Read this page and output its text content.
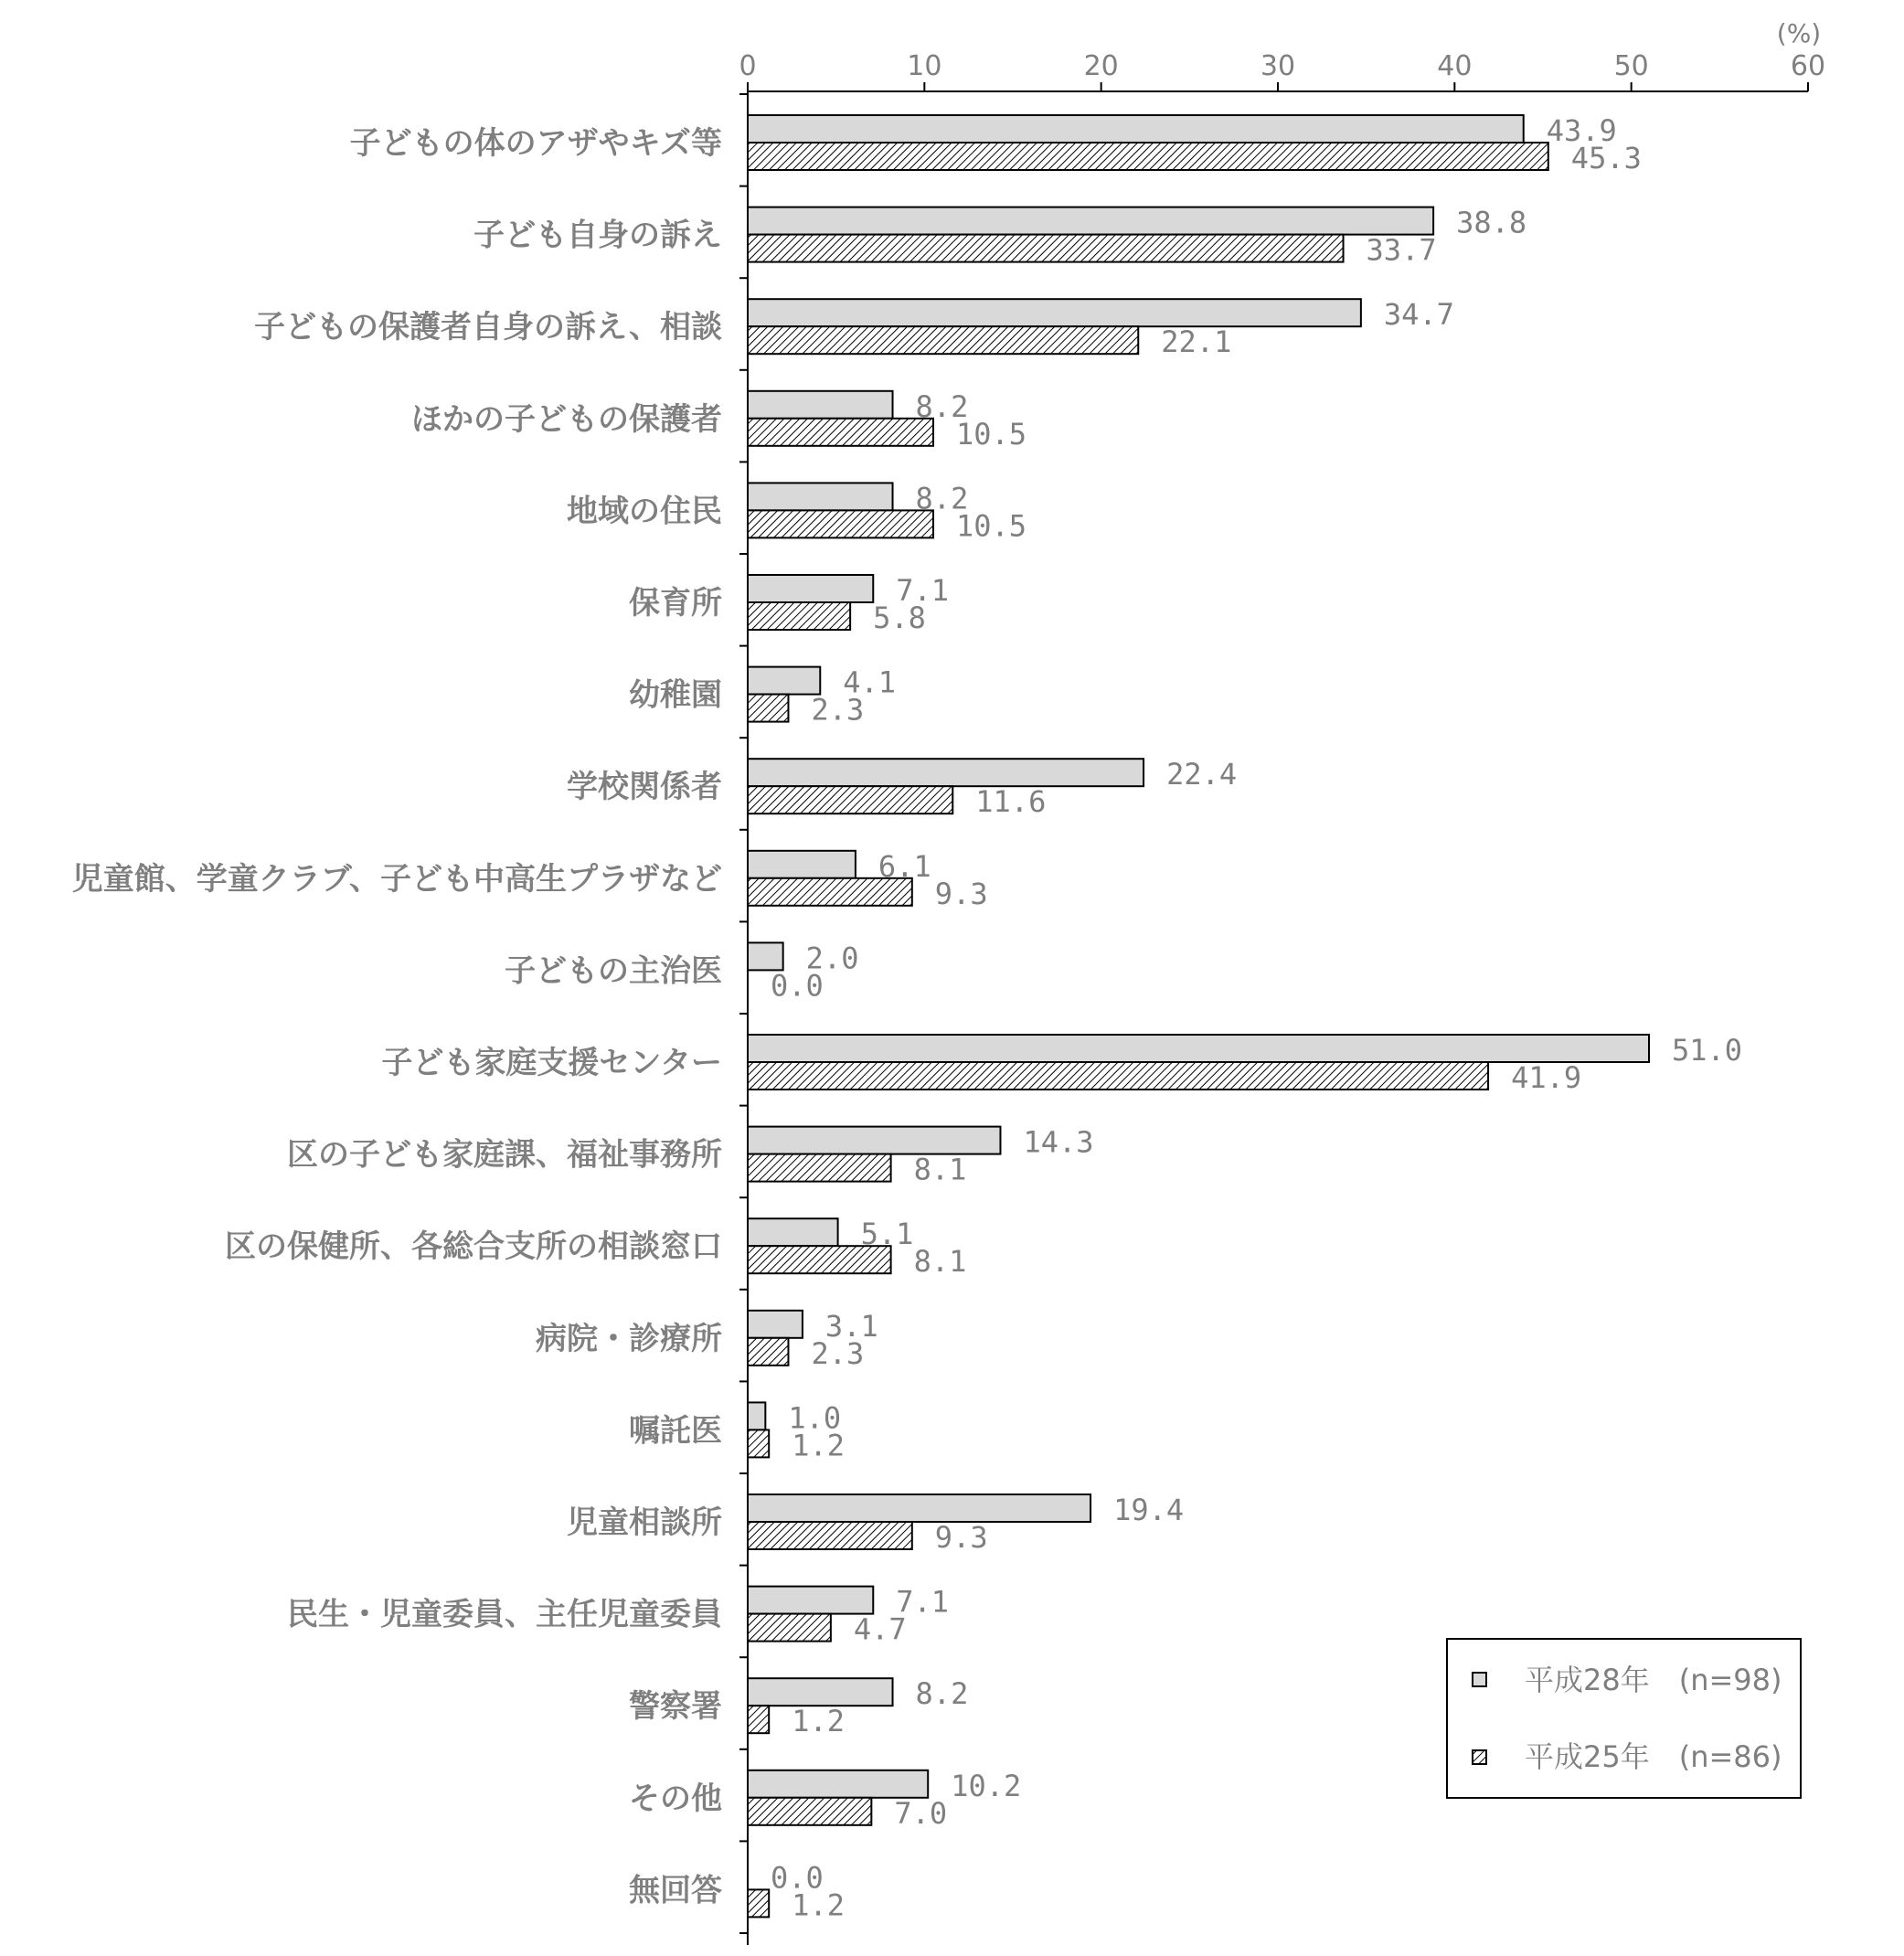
0	10	20	30	40	50	60
(%)
子どもの体のアザやキズ等	43.9
45.3
子ども自身の訴え	38.8
33.7
子どもの保護者自身の訴え、相談	34.7
22.1
ほかの子どもの保護者	8.2
10.5
地域の住民	8.2
10.5
保育所	7.1
5.8
幼稚園	4.1
2.3
学校関係者	22.4
11.6
児童館、学童クラブ、子ども中高生プラザなど	6.1
9.3
子どもの主治医	2.0
0.0
子ども家庭支援センター	51.0
41.9
区の子ども家庭課、福祉事務所	14.3
8.1
区の保健所、各総合支所の相談窓口	5.1
8.1
病院・診療所	3.1
2.3
嘱託医 1.0
1.2
児童相談所	19.4
9.3
民生・児童委員、主任児童委員	7.1
4.7
警察署	8.2
1.2
その他	10.2
7.0
無回答 0.0
1.2
平成28年　(n=98)
平成25年　(n=86)
